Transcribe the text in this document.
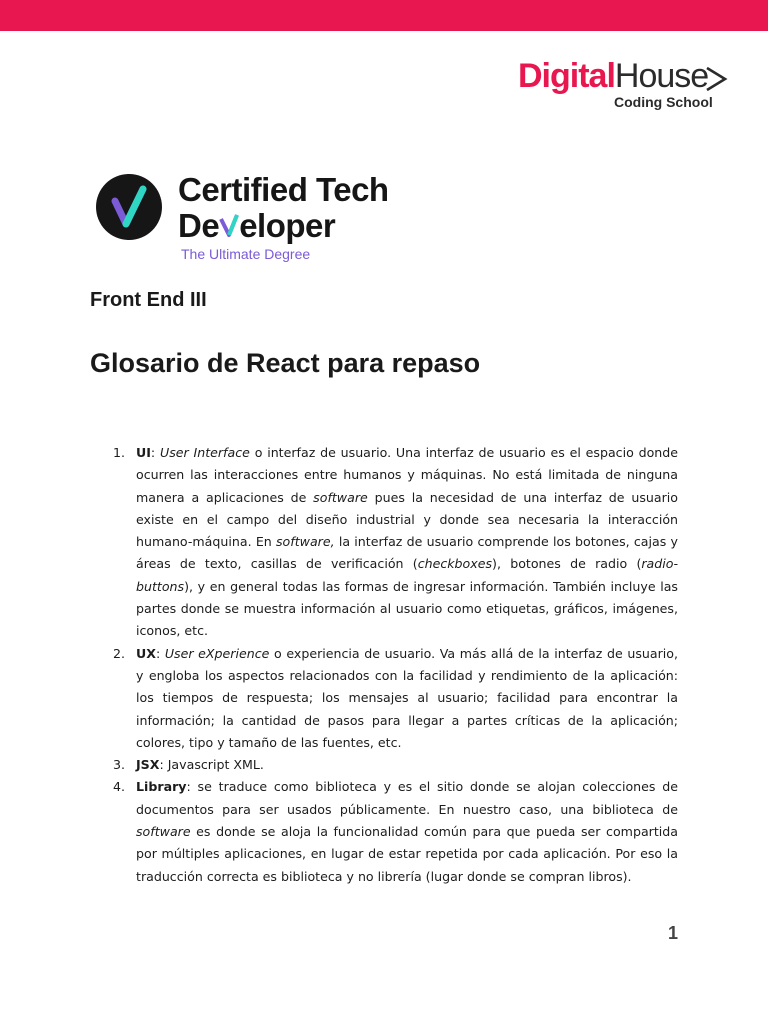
DigitalHouse
Coding School
Certified Tech
De eloper
The Ultimate Degree
Front End III
Glosario de React para repaso
1. UI: User Interface o interfaz de usuario. Una interfaz de usuario es el espacio donde ocurren las interacciones entre humanos y máquinas. No está limitada de ninguna manera a aplicaciones de software pues la necesidad de una interfaz de usuario existe en el campo del diseño industrial y donde sea necesaria la interacción humano-máquina. En software, la interfaz de usuario comprende los botones, cajas y áreas de texto, casillas de verificación (checkboxes), botones de radio (radio-buttons), y en general todas las formas de ingresar información. También incluye las partes donde se muestra información al usuario como etiquetas, gráficos, imágenes, iconos, etc.
2. UX: User eXperience o experiencia de usuario. Va más allá de la interfaz de usuario, y engloba los aspectos relacionados con la facilidad y rendimiento de la aplicación: los tiempos de respuesta; los mensajes al usuario; facilidad para encontrar la información; la cantidad de pasos para llegar a partes críticas de la aplicación; colores, tipo y tamaño de las fuentes, etc.
3. JSX: Javascript XML.
4. Library: se traduce como biblioteca y es el sitio donde se alojan colecciones de documentos para ser usados públicamente. En nuestro caso, una biblioteca de software es donde se aloja la funcionalidad común para que pueda ser compartida por múltiples aplicaciones, en lugar de estar repetida por cada aplicación. Por eso la traducción correcta es biblioteca y no librería (lugar donde se compran libros).
1
